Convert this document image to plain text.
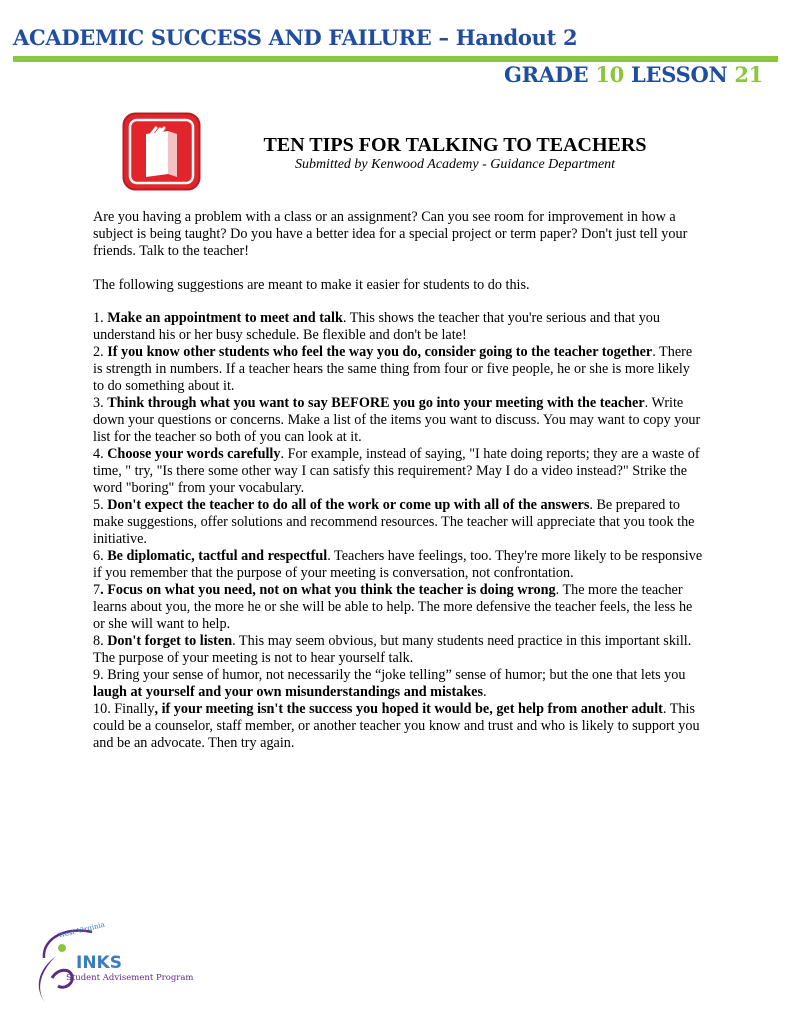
ACADEMIC SUCCESS AND FAILURE – Handout 2
GRADE 10 LESSON 21
TEN TIPS FOR TALKING TO TEACHERS
Submitted by Kenwood Academy - Guidance Department

Are you having a problem with a class or an assignment? Can you see room for improvement in how a subject is being taught? Do you have a better idea for a special project or term paper? Don't just tell your friends. Talk to the teacher!

The following suggestions are meant to make it easier for students to do this.

1. Make an appointment to meet and talk. This shows the teacher that you're serious and that you understand his or her busy schedule. Be flexible and don't be late!

2. If you know other students who feel the way you do, consider going to the teacher together. There is strength in numbers. If a teacher hears the same thing from four or five people, he or she is more likely to do something about it.

3. Think through what you want to say BEFORE you go into your meeting with the teacher. Write down your questions or concerns. Make a list of the items you want to discuss. You may want to copy your list for the teacher so both of you can look at it.

4. Choose your words carefully. For example, instead of saying, "I hate doing reports; they are a waste of time, " try, "Is there some other way I can satisfy this requirement? May I do a video instead?" Strike the word "boring" from your vocabulary.

5. Don't expect the teacher to do all of the work or come up with all of the answers. Be prepared to make suggestions, offer solutions and recommend resources. The teacher will appreciate that you took the initiative.

6. Be diplomatic, tactful and respectful. Teachers have feelings, too. They're more likely to be responsive if you remember that the purpose of your meeting is conversation, not confrontation.

7. Focus on what you need, not on what you think the teacher is doing wrong. The more the teacher learns about you, the more he or she will be able to help. The more defensive the teacher feels, the less he or she will want to help.

8. Don't forget to listen. This may seem obvious, but many students need practice in this important skill. The purpose of your meeting is not to hear yourself talk.

9. Bring your sense of humor, not necessarily the “joke telling” sense of humor; but the one that lets you laugh at yourself and your own misunderstandings and mistakes.

10. Finally, if your meeting isn't the success you hoped it would be, get help from another adult. This could be a counselor, staff member, or another teacher you know and trust and who is likely to support you and be an advocate. Then try again.

West Virginia
INKS
Student Advisement Program
